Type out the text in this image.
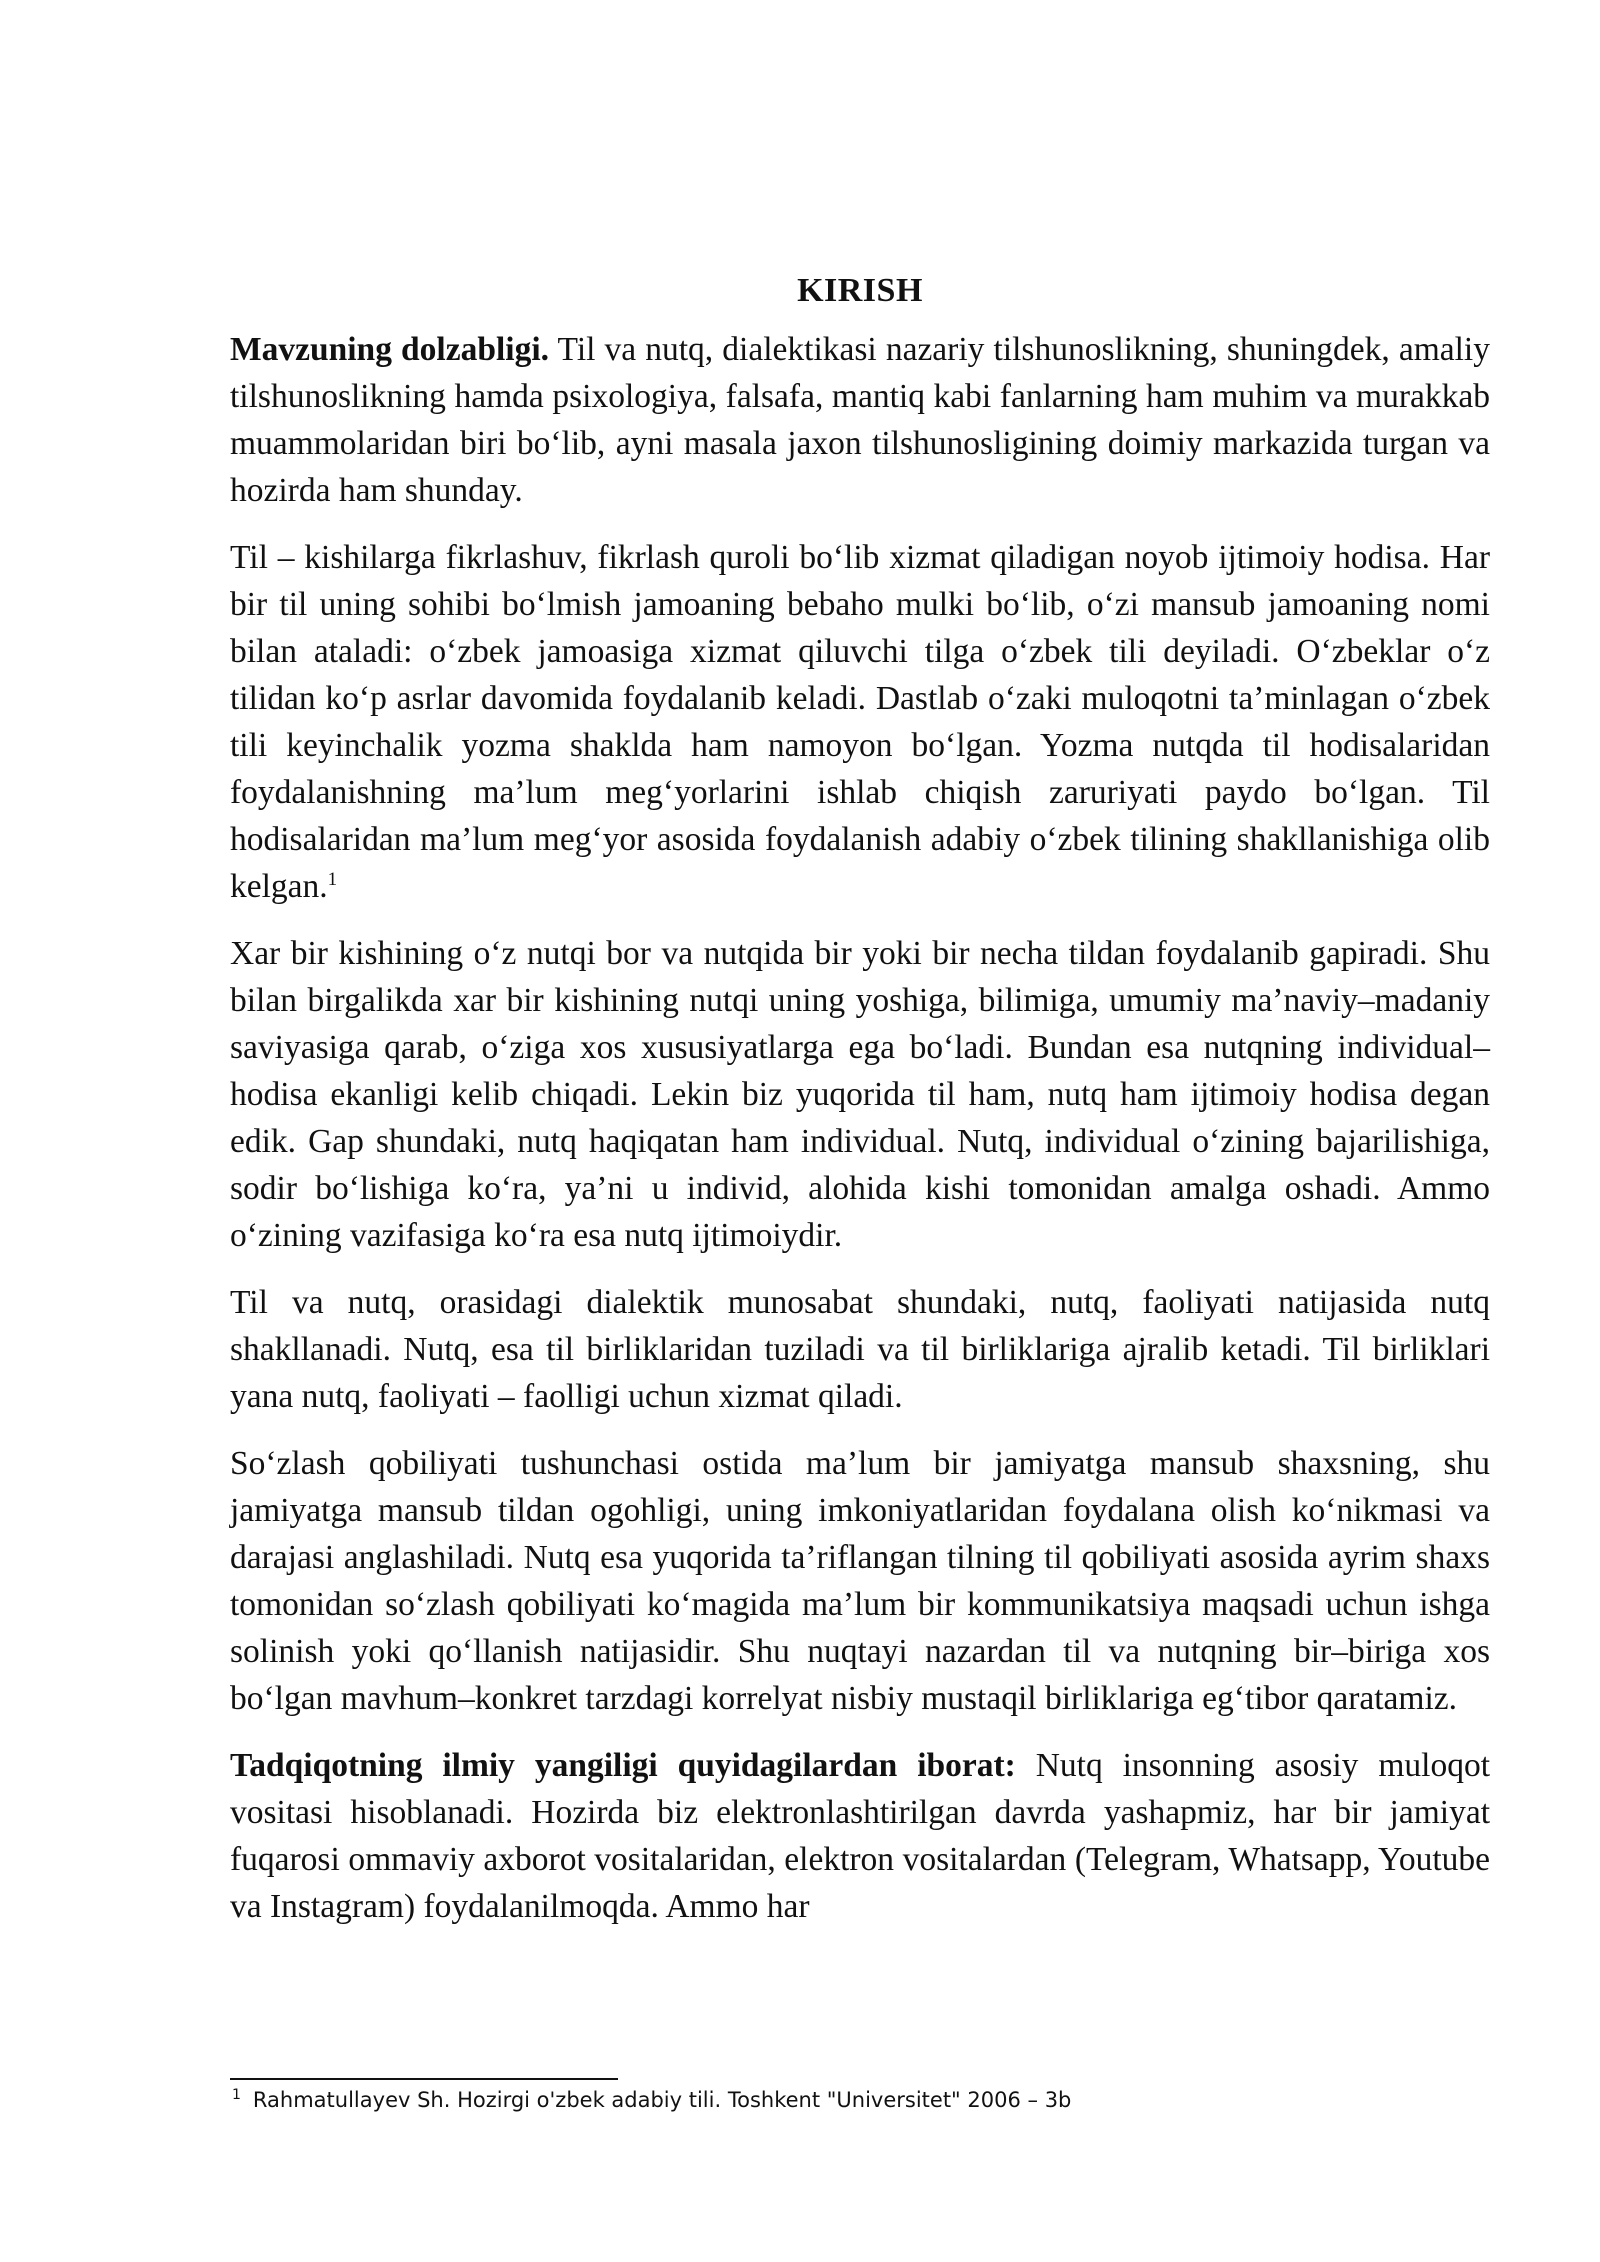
KIRISH

Mavzuning dolzabligi. Til va nutq, dialektikasi nazariy tilshunoslikning, shuningdek, amaliy tilshunoslikning hamda psixologiya, falsafa, mantiq kabi fanlarning ham muhim va murakkab muammolaridan biri bo‘lib, ayni masala jaxon tilshunosligining doimiy markazida turgan va hozirda ham shunday.

Til – kishilarga fikrlashuv, fikrlash quroli bo‘lib xizmat qiladigan noyob ijtimoiy hodisa. Har bir til uning sohibi bo‘lmish jamoaning bebaho mulki bo‘lib, o‘zi mansub jamoaning nomi bilan ataladi: o‘zbek jamoasiga xizmat qiluvchi tilga o‘zbek tili deyiladi. O‘zbeklar o‘z tilidan ko‘p asrlar davomida foydalanib keladi. Dastlab o‘zaki muloqotni ta’minlagan o‘zbek tili keyinchalik yozma shaklda ham namoyon bo‘lgan. Yozma nutqda til hodisalaridan foydalanishning ma’lum meg‘yorlarini ishlab chiqish zaruriyati paydo bo‘lgan. Til hodisalaridan ma’lum meg‘yor asosida foydalanish adabiy o‘zbek tilining shakllanishiga olib kelgan.$^1$

Xar bir kishining o‘z nutqi bor va nutqida bir yoki bir necha tildan foydalanib gapiradi. Shu bilan birgalikda xar bir kishining nutqi uning yoshiga, bilimiga, umumiy ma’naviy–madaniy saviyasiga qarab, o‘ziga xos xususiyatlarga ega bo‘ladi. Bundan esa nutqning individual–hodisa ekanligi kelib chiqadi. Lekin biz yuqorida til ham, nutq ham ijtimoiy hodisa degan edik. Gap shundaki, nutq haqiqatan ham individual. Nutq, individual o‘zining bajarilishiga, sodir bo‘lishiga ko‘ra, ya’ni u individ, alohida kishi tomonidan amalga oshadi. Ammo o‘zining vazifasiga ko‘ra esa nutq ijtimoiydir.

Til va nutq, orasidagi dialektik munosabat shundaki, nutq, faoliyati natijasida nutq shakllanadi. Nutq, esa til birliklaridan tuziladi va til birliklariga ajralib ketadi. Til birliklari yana nutq, faoliyati – faolligi uchun xizmat qiladi.

So‘zlash qobiliyati tushunchasi ostida ma’lum bir jamiyatga mansub shaxsning, shu jamiyatga mansub tildan ogohligi, uning imkoniyatlaridan foydalana olish ko‘nikmasi va darajasi anglashiladi. Nutq esa yuqorida ta’riflangan tilning til qobiliyati asosida ayrim shaxs tomonidan so‘zlash qobiliyati ko‘magida ma’lum bir kommunikatsiya maqsadi uchun ishga solinish yoki qo‘llanish natijasidir. Shu nuqtayi nazardan til va nutqning bir–biriga xos bo‘lgan mavhum–konkret tarzdagi korrelyat nisbiy mustaqil birliklariga eg‘tibor qaratamiz.

Tadqiqotning ilmiy yangiligi quyidagilardan iborat: Nutq insonning asosiy muloqot vositasi hisoblanadi. Hozirda biz elektronlashtirilgan davrda yashapmiz, har bir jamiyat fuqarosi ommaviy axborot vositalaridan, elektron vositalardan (Telegram, Whatsapp, Youtube va Instagram) foydalanilmoqda. Ammo har

$^1$ Rahmatullayev Sh. Hozirgi o'zbek adabiy tili. Toshkent "Universitet" 2006 – 3b
